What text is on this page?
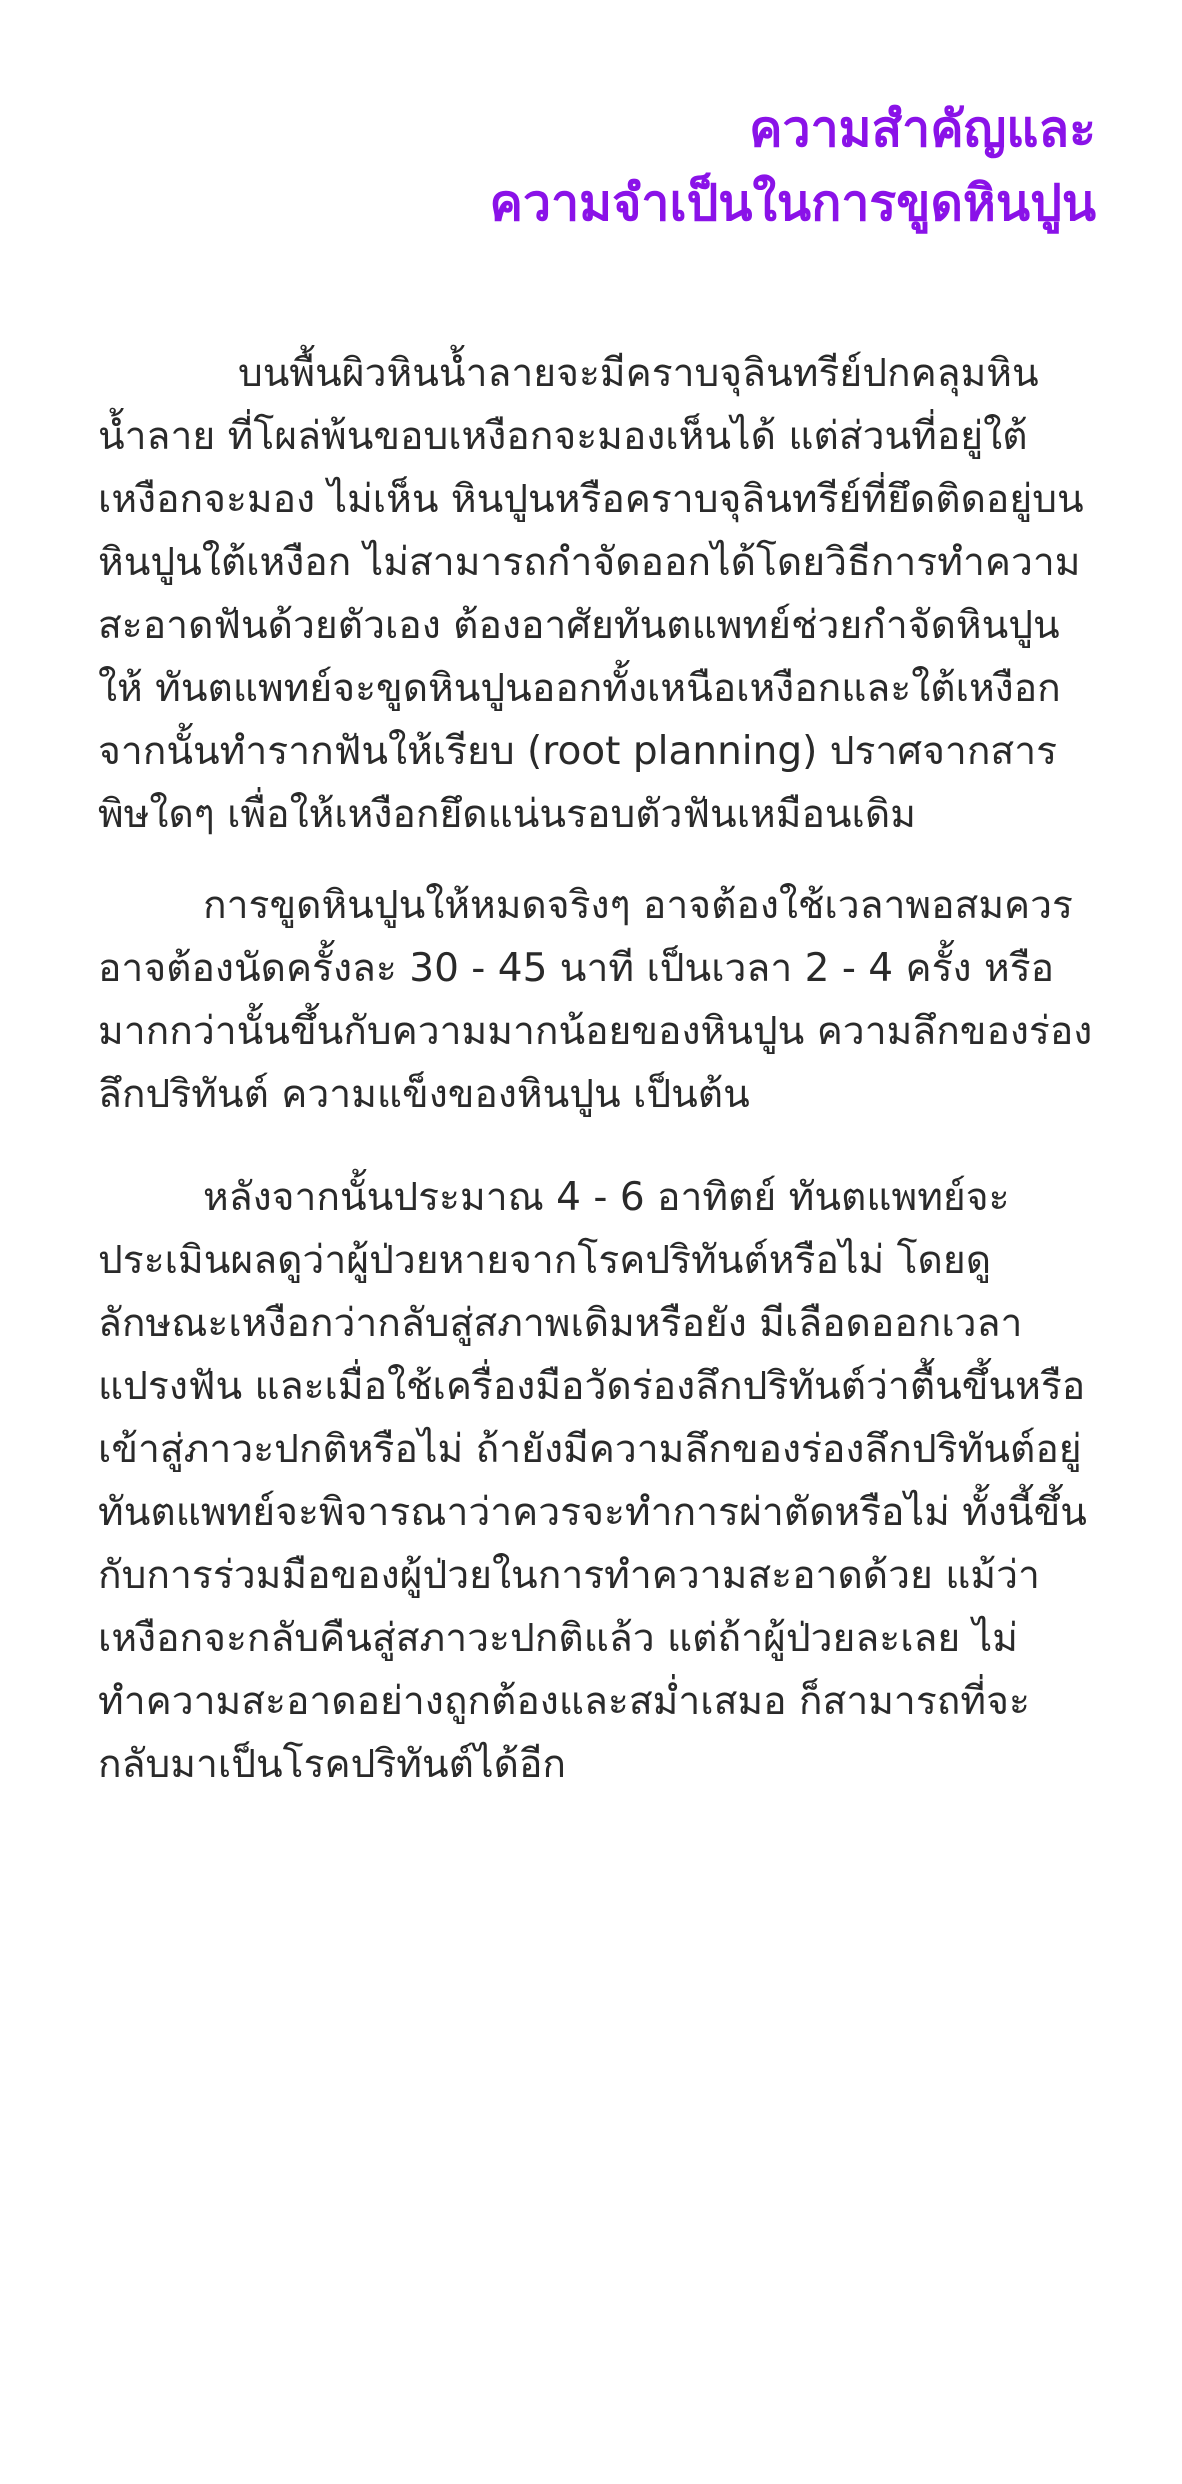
ความสำคัญและ
ความจำเป็นในการขูดหินปูน

บนพื้นผิวหินน้ำลายจะมีคราบจุลินทรีย์ปกคลุมหินน้ำลาย ที่โผล่พ้นขอบเหงือกจะมองเห็นได้ แต่ส่วนที่อยู่ใต้เหงือกจะมอง ไม่เห็น หินปูนหรือคราบจุลินทรีย์ที่ยึดติดอยู่บนหินปูนใต้เหงือก ไม่สามารถกำจัดออกได้โดยวิธีการทำความสะอาดฟันด้วยตัวเอง ต้องอาศัยทันตแพทย์ช่วยกำจัดหินปูนให้ ทันตแพทย์จะขูดหินปูนออกทั้งเหนือเหงือกและใต้เหงือก จากนั้นทำรากฟันให้เรียบ (root planning) ปราศจากสารพิษใดๆ เพื่อให้เหงือกยึดแน่นรอบตัวฟันเหมือนเดิม

การขูดหินปูนให้หมดจริงๆ อาจต้องใช้เวลาพอสมควร อาจต้องนัดครั้งละ 30 - 45 นาที เป็นเวลา 2 - 4 ครั้ง หรือมากกว่านั้นขึ้นกับความมากน้อยของหินปูน ความลึกของร่องลึกปริทันต์ ความแข็งของหินปูน เป็นต้น

หลังจากนั้นประมาณ 4 - 6 อาทิตย์ ทันตแพทย์จะประเมินผลดูว่าผู้ป่วยหายจากโรคปริทันต์หรือไม่ โดยดูลักษณะเหงือกว่ากลับสู่สภาพเดิมหรือยัง มีเลือดออกเวลาแปรงฟัน และเมื่อใช้เครื่องมือวัดร่องลึกปริทันต์ว่าตื้นขึ้นหรือเข้าสู่ภาวะปกติหรือไม่ ถ้ายังมีความลึกของร่องลึกปริทันต์อยู่ ทันตแพทย์จะพิจารณาว่าควรจะทำการผ่าตัดหรือไม่ ทั้งนี้ขึ้นกับการร่วมมือของผู้ป่วยในการทำความสะอาดด้วย แม้ว่าเหงือกจะกลับคืนสู่สภาวะปกติแล้ว แต่ถ้าผู้ป่วยละเลย ไม่ทำความสะอาดอย่างถูกต้องและสม่ำเสมอ ก็สามารถที่จะกลับมาเป็นโรคปริทันต์ได้อีก
